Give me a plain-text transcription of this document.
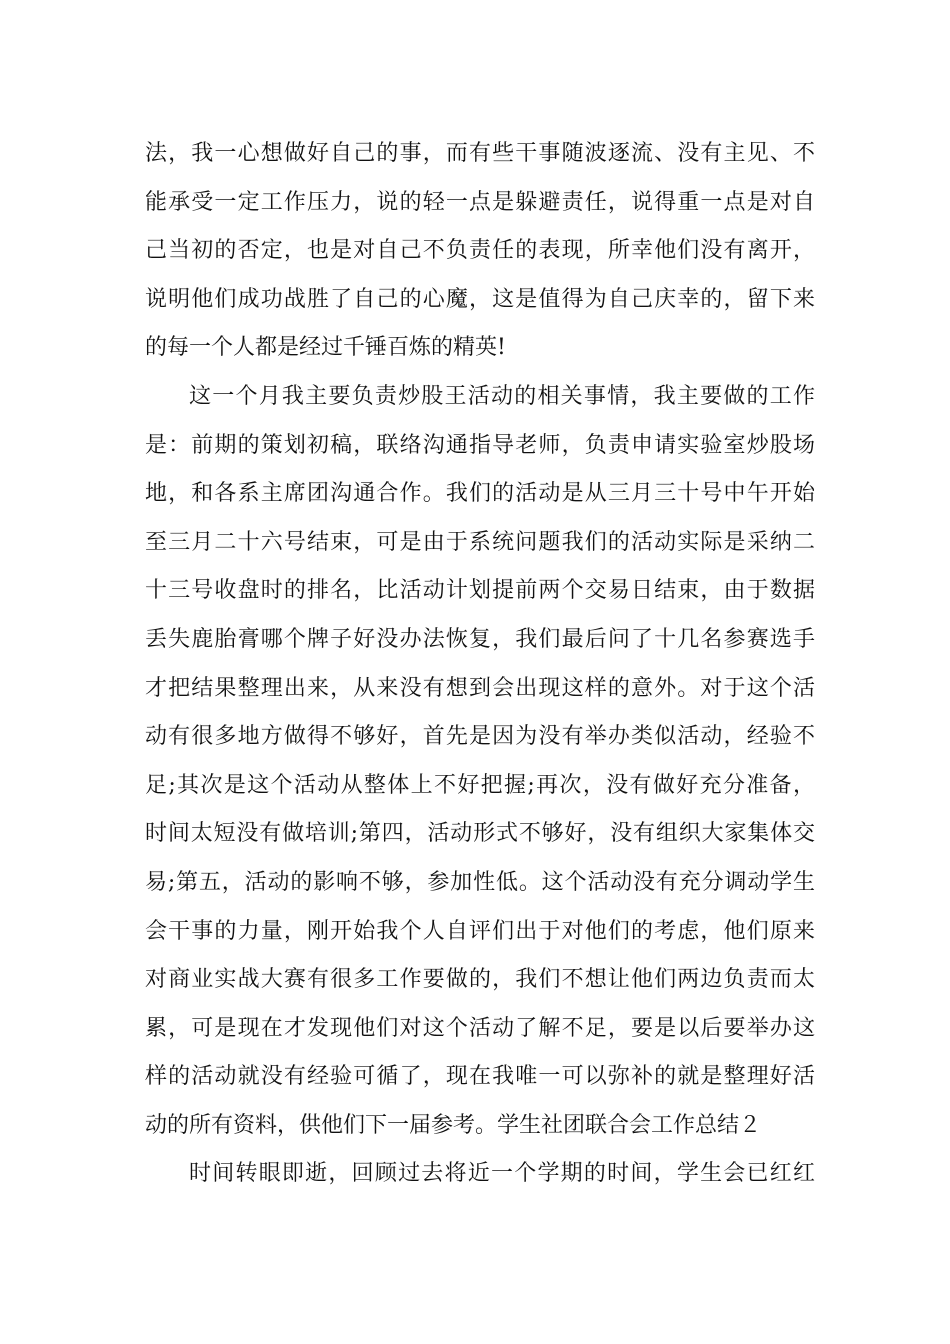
法，我一心想做好自己的事，而有些干事随波逐流、没有主见、不
能承受一定工作压力，说的轻一点是躲避责任，说得重一点是对自
己当初的否定，也是对自己不负责任的表现，所幸他们没有离开，
说明他们成功战胜了自己的心魔，这是值得为自己庆幸的，留下来
的每一个人都是经过千锤百炼的精英!
这一个月我主要负责炒股王活动的相关事情，我主要做的工作
是：前期的策划初稿，联络沟通指导老师，负责申请实验室炒股场
地，和各系主席团沟通合作。我们的活动是从三月三十号中午开始
至三月二十六号结束，可是由于系统问题我们的活动实际是采纳二
十三号收盘时的排名，比活动计划提前两个交易日结束，由于数据
丢失鹿胎膏哪个牌子好没办法恢复，我们最后问了十几名参赛选手
才把结果整理出来，从来没有想到会出现这样的意外。对于这个活
动有很多地方做得不够好，首先是因为没有举办类似活动，经验不
足;其次是这个活动从整体上不好把握;再次，没有做好充分准备，
时间太短没有做培训;第四，活动形式不够好，没有组织大家集体交
易;第五，活动的影响不够，参加性低。这个活动没有充分调动学生
会干事的力量，刚开始我个人自评们出于对他们的考虑，他们原来
对商业实战大赛有很多工作要做的，我们不想让他们两边负责而太
累，可是现在才发现他们对这个活动了解不足，要是以后要举办这
样的活动就没有经验可循了，现在我唯一可以弥补的就是整理好活
动的所有资料，供他们下一届参考。学生社团联合会工作总结２
时间转眼即逝，回顾过去将近一个学期的时间，学生会已红红
